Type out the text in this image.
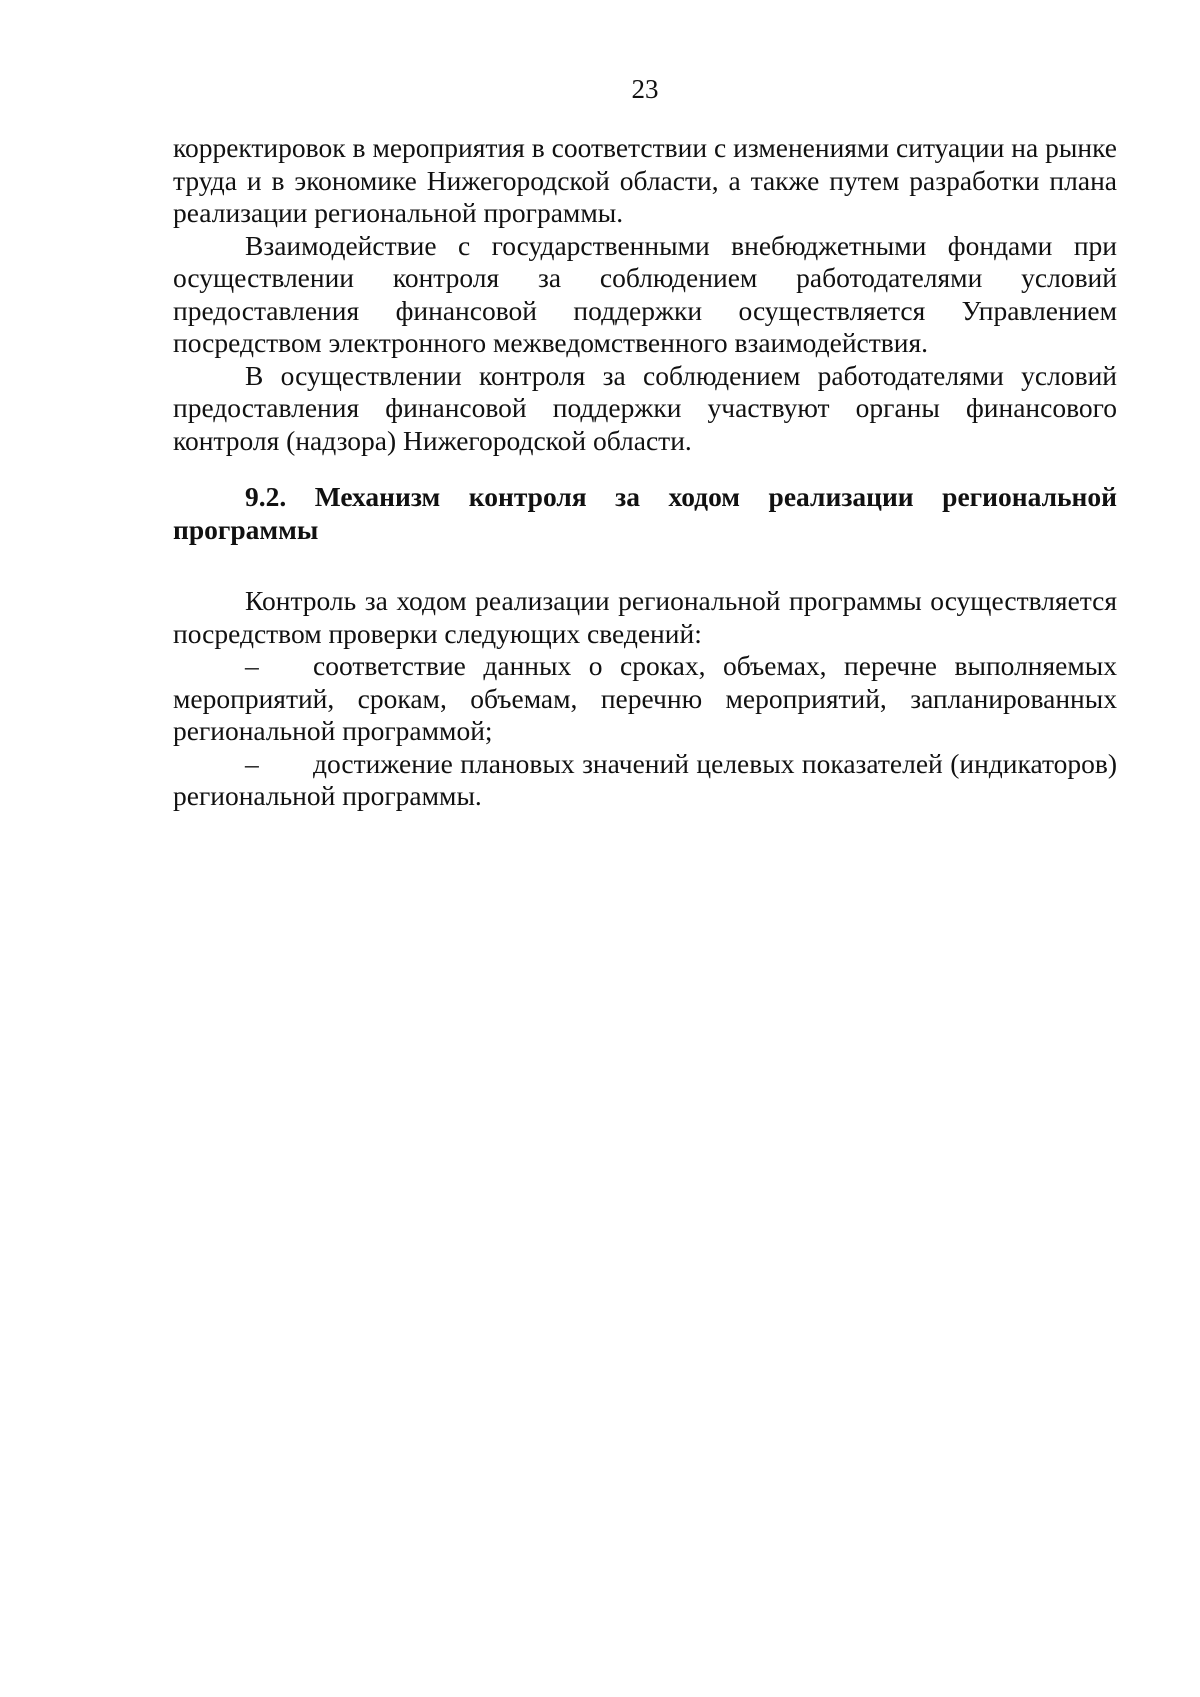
23

корректировок в мероприятия в соответствии с изменениями ситуации на рынке труда и в экономике Нижегородской области, а также путем разработки плана реализации региональной программы.

Взаимодействие с государственными внебюджетными фондами при осуществлении контроля за соблюдением работодателями условий предоставления финансовой поддержки осуществляется Управлением посредством электронного межведомственного взаимодействия.

В осуществлении контроля за соблюдением работодателями условий предоставления финансовой поддержки участвуют органы финансового контроля (надзора) Нижегородской области.

9.2. Механизм контроля за ходом реализации региональной программы

Контроль за ходом реализации региональной программы осуществляется посредством проверки следующих сведений:

– соответствие данных о сроках, объемах, перечне выполняемых мероприятий, срокам, объемам, перечню мероприятий, запланированных региональной программой;

– достижение плановых значений целевых показателей (индикаторов) региональной программы.
